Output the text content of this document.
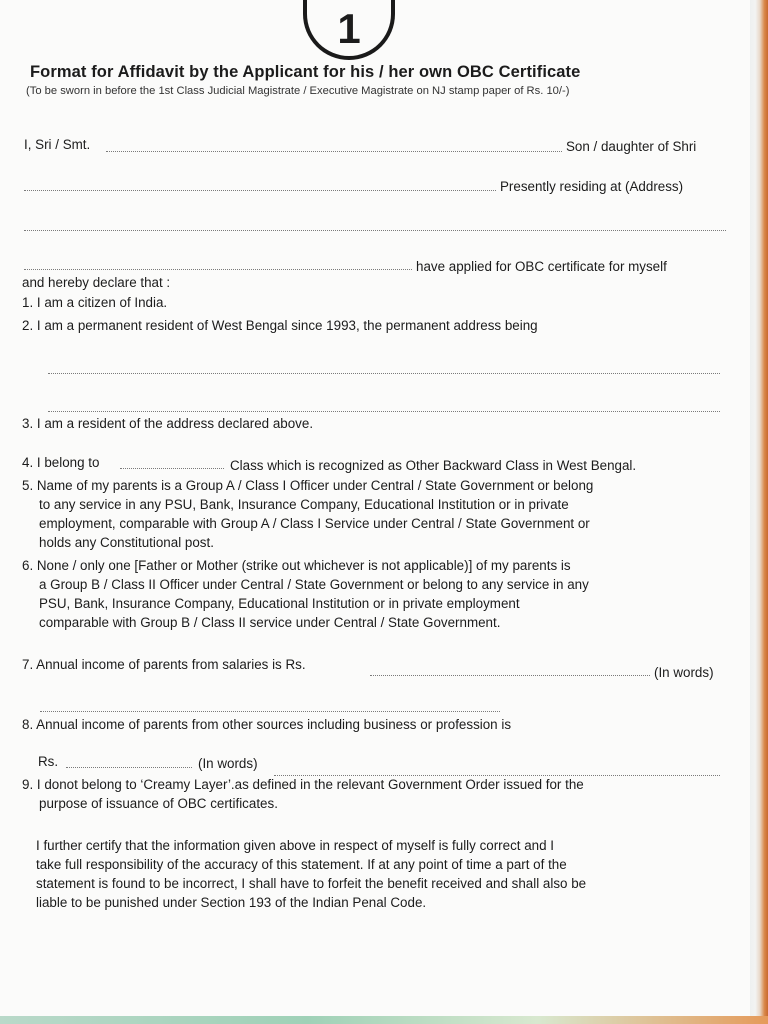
1
Format for Affidavit by the Applicant for his / her own OBC Certificate
(To be sworn in before the 1st Class Judicial Magistrate / Executive Magistrate on NJ stamp paper of Rs. 10/-)
I, Sri / Smt.	Son / daughter of Shri
Presently residing at (Address)
have applied for OBC certificate for myself
and hereby declare that :
1. I am a citizen of India.
2. I am a permanent resident of West Bengal since 1993, the permanent address being
3. I am a resident of the address declared above.
4. I belong to	Class which is recognized as Other Backward Class in West Bengal.
5. Name of my parents is a Group A / Class I Officer under Central / State Government or belong
to any service in any PSU, Bank, Insurance Company, Educational Institution or in private
employment, comparable with Group A / Class I Service under Central / State Government or
holds any Constitutional post.
6. None / only one [Father or Mother (strike out whichever is not applicable)] of my parents is
a Group B / Class II Officer under Central / State Government or belong to any service in any
PSU, Bank, Insurance Company, Educational Institution or in private employment
comparable with Group B / Class II service under Central / State Government.
7. Annual income of parents from salaries is Rs.
(In words)
8. Annual income of parents from other sources including business or profession is
Rs.	(In words)
9. I donot belong to ‘Creamy Layer’.as defined in the relevant Government Order issued for the
purpose of issuance of OBC certificates.
I further certify that the information given above in respect of myself is fully correct and I
take full responsibility of the accuracy of this statement. If at any point of time a part of the
statement is found to be incorrect, I shall have to forfeit the benefit received and shall also be
liable to be punished under Section 193 of the Indian Penal Code.
